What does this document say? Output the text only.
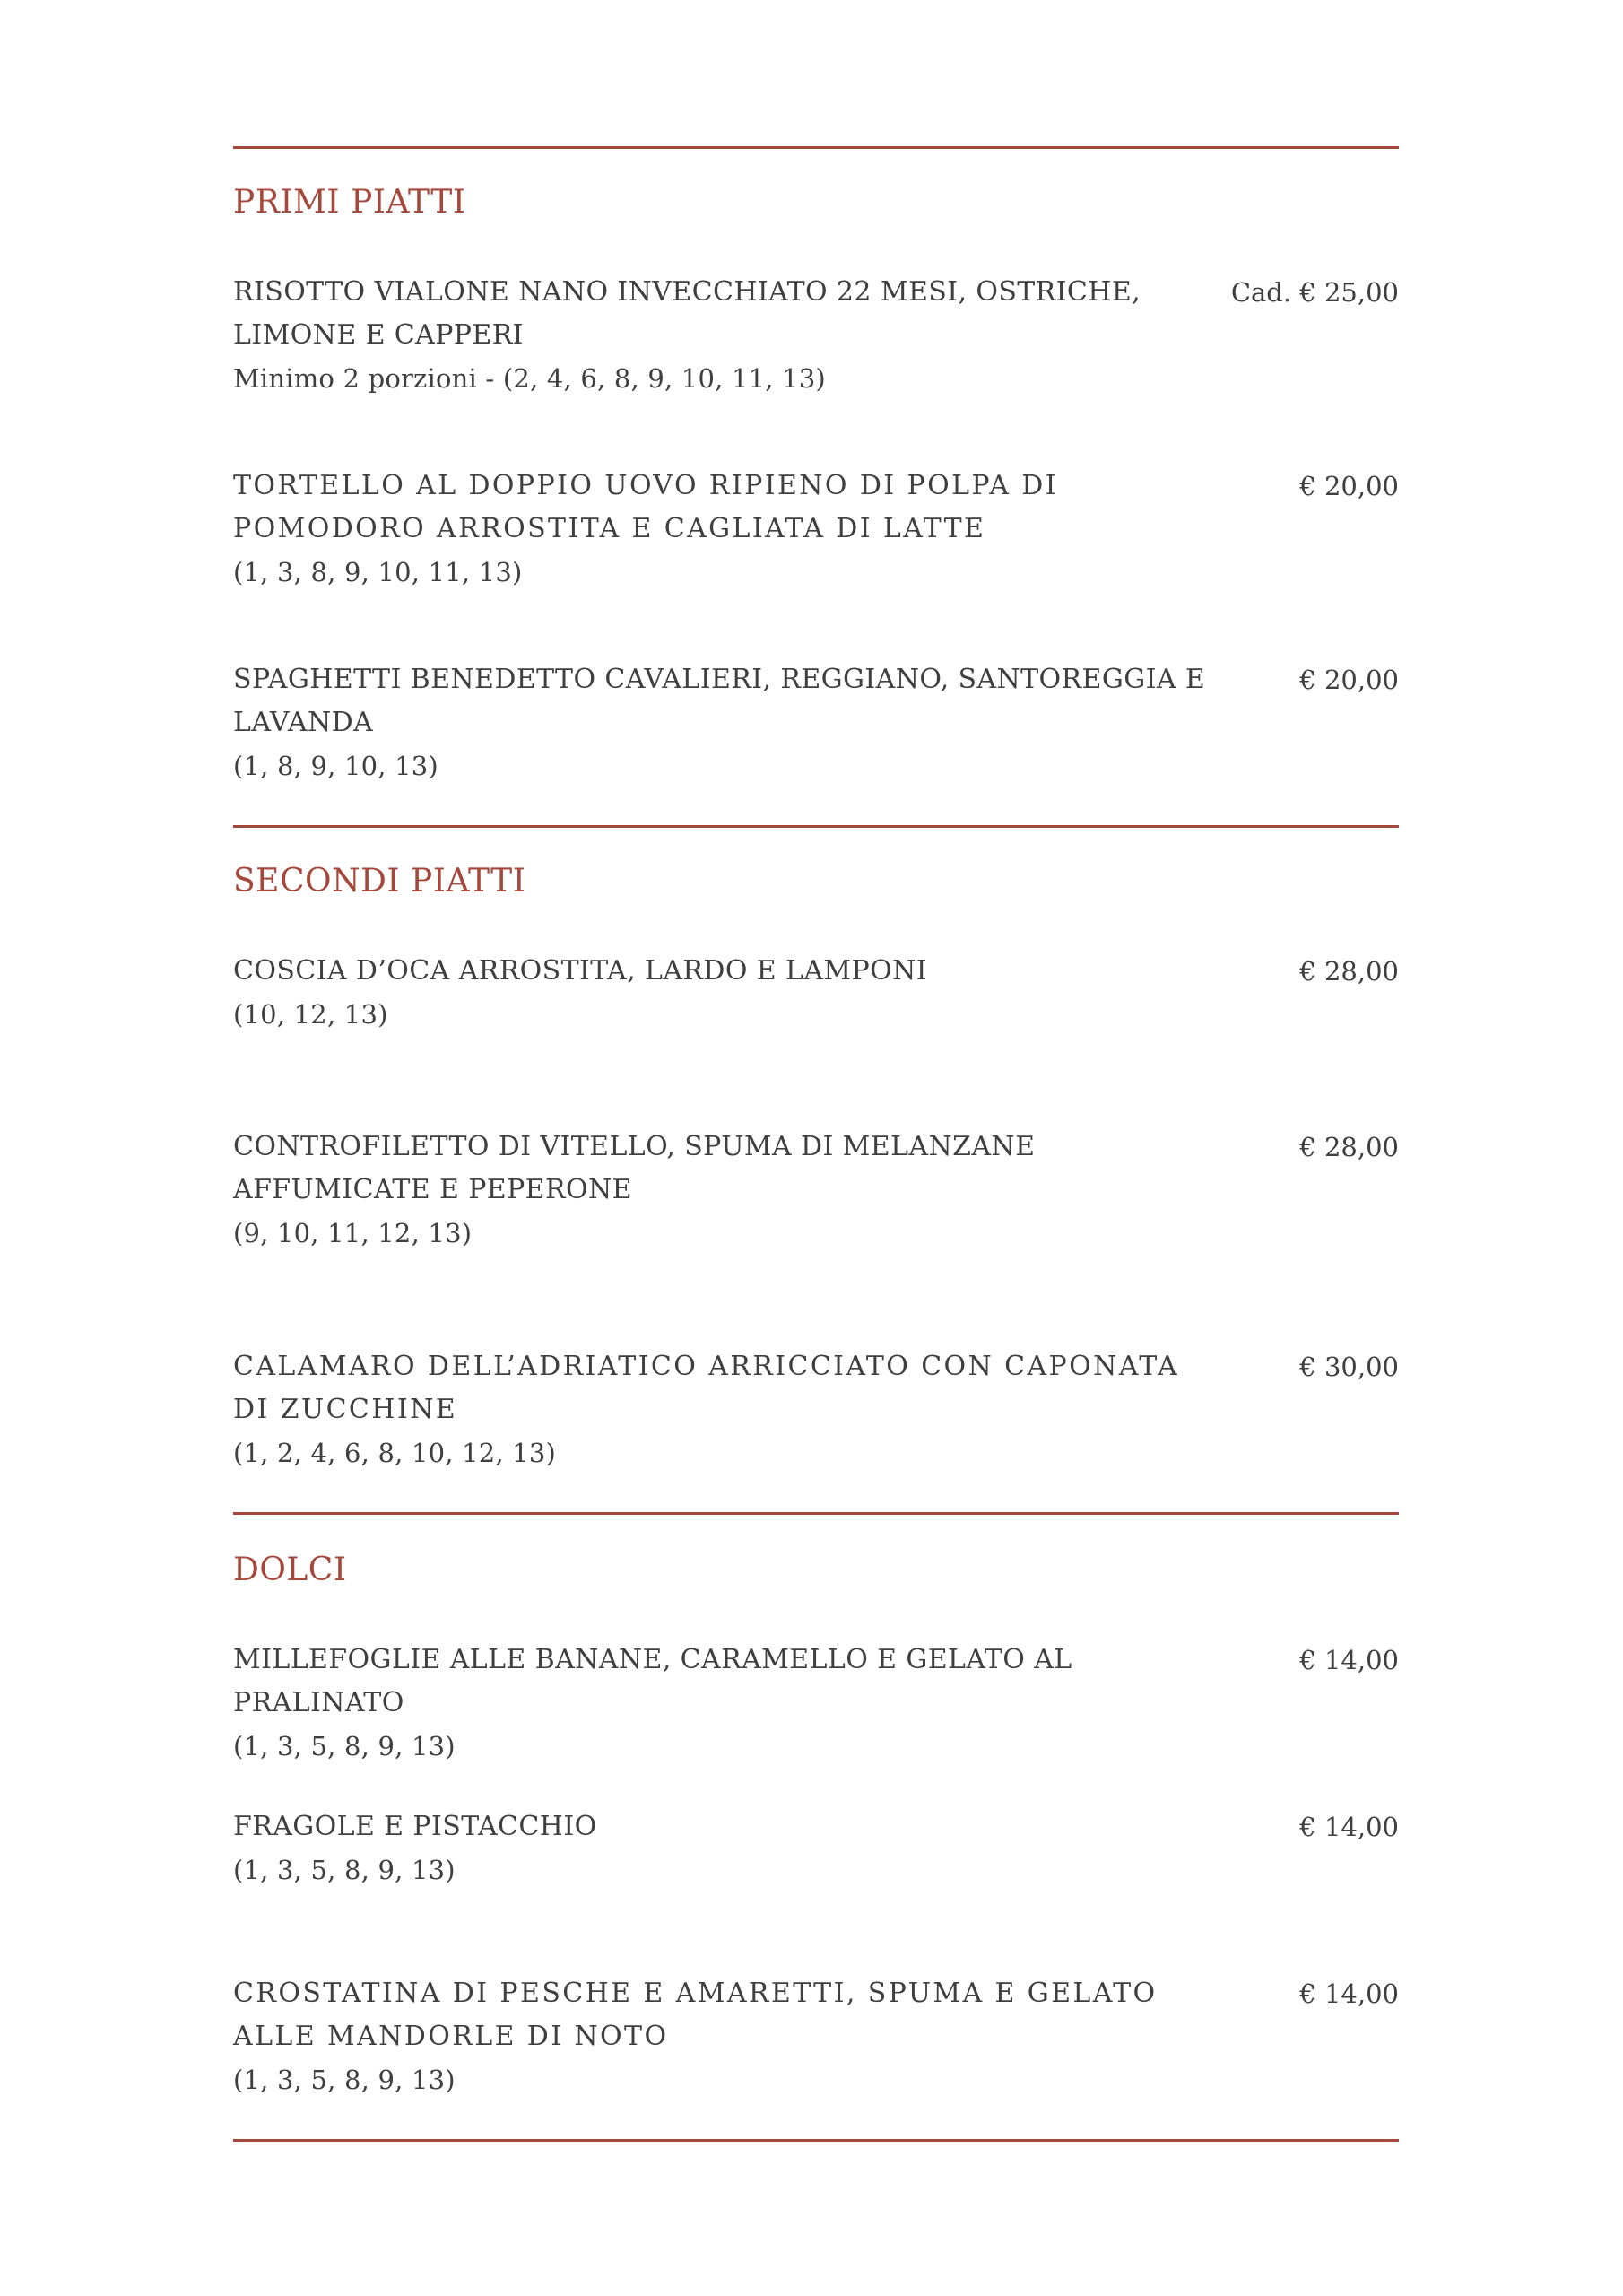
PRIMI PIATTI
RISOTTO VIALONE NANO INVECCHIATO 22 MESI, OSTRICHE, LIMONE E CAPPERI
Minimo 2 porzioni - (2, 4, 6, 8, 9, 10, 11, 13)
Cad. € 25,00
TORTELLO AL DOPPIO UOVO RIPIENO DI POLPA DI POMODORO ARROSTITA E CAGLIATA DI LATTE
(1, 3, 8, 9, 10, 11, 13)
€ 20,00
SPAGHETTI BENEDETTO CAVALIERI, REGGIANO, SANTOREGGIA E LAVANDA
(1, 8, 9, 10, 13)
€ 20,00
SECONDI PIATTI
COSCIA D’OCA ARROSTITA, LARDO E LAMPONI
(10, 12, 13)
€ 28,00
CONTROFILETTO DI VITELLO, SPUMA DI MELANZANE AFFUMICATE E PEPERONE
(9, 10, 11, 12, 13)
€ 28,00
CALAMARO DELL’ADRIATICO ARRICCIATO CON CAPONATA DI ZUCCHINE
(1, 2, 4, 6, 8, 10, 12, 13)
€ 30,00
DOLCI
MILLEFOGLIE ALLE BANANE, CARAMELLO E GELATO AL PRALINATO
(1, 3, 5, 8, 9, 13)
€ 14,00
FRAGOLE E PISTACCHIO
(1, 3, 5, 8, 9, 13)
€ 14,00
CROSTATINA DI PESCHE E AMARETTI, SPUMA E GELATO ALLE MANDORLE DI NOTO
(1, 3, 5, 8, 9, 13)
€ 14,00
